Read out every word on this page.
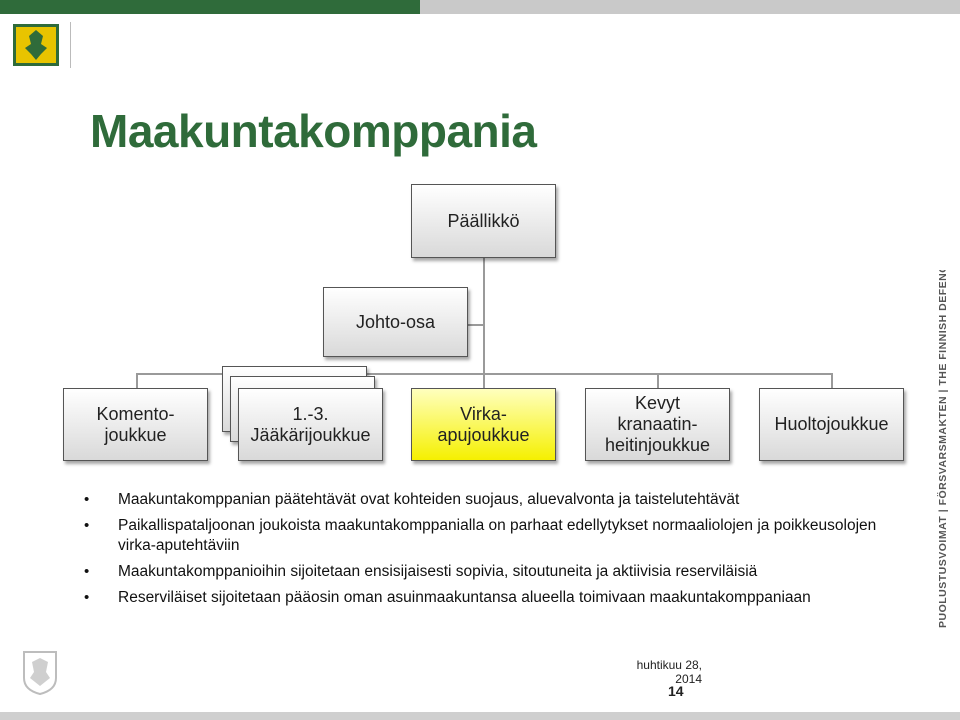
Maakuntakomppania
Päällikkö
Johto-osa
Komento-
joukkue
1.-3.
Jääkärijoukkue
Virka-
apujoukkue
Kevyt
kranaatin-
heitinjoukkue
Huoltojoukkue
• Maakuntakomppanian päätehtävät ovat kohteiden suojaus, aluevalvonta ja taistelutehtävät
• Paikallispataljoonan joukoista maakuntakomppanialla on parhaat edellytykset normaaliolojen ja poikkeusolojen virka-aputehtäviin
• Maakuntakomppanioihin sijoitetaan ensisijaisesti sopivia, sitoutuneita ja aktiivisia reserviläisiä
• Reserviläiset sijoitetaan pääosin oman asuinmaakuntansa alueella toimivaan maakuntakomppaniaan	PUOLUSTUSVOIMAT | FÖRSVARSMAKTEN | THE FINNISH DEFENCE FORCES
huhtikuu 28, 2014
14
